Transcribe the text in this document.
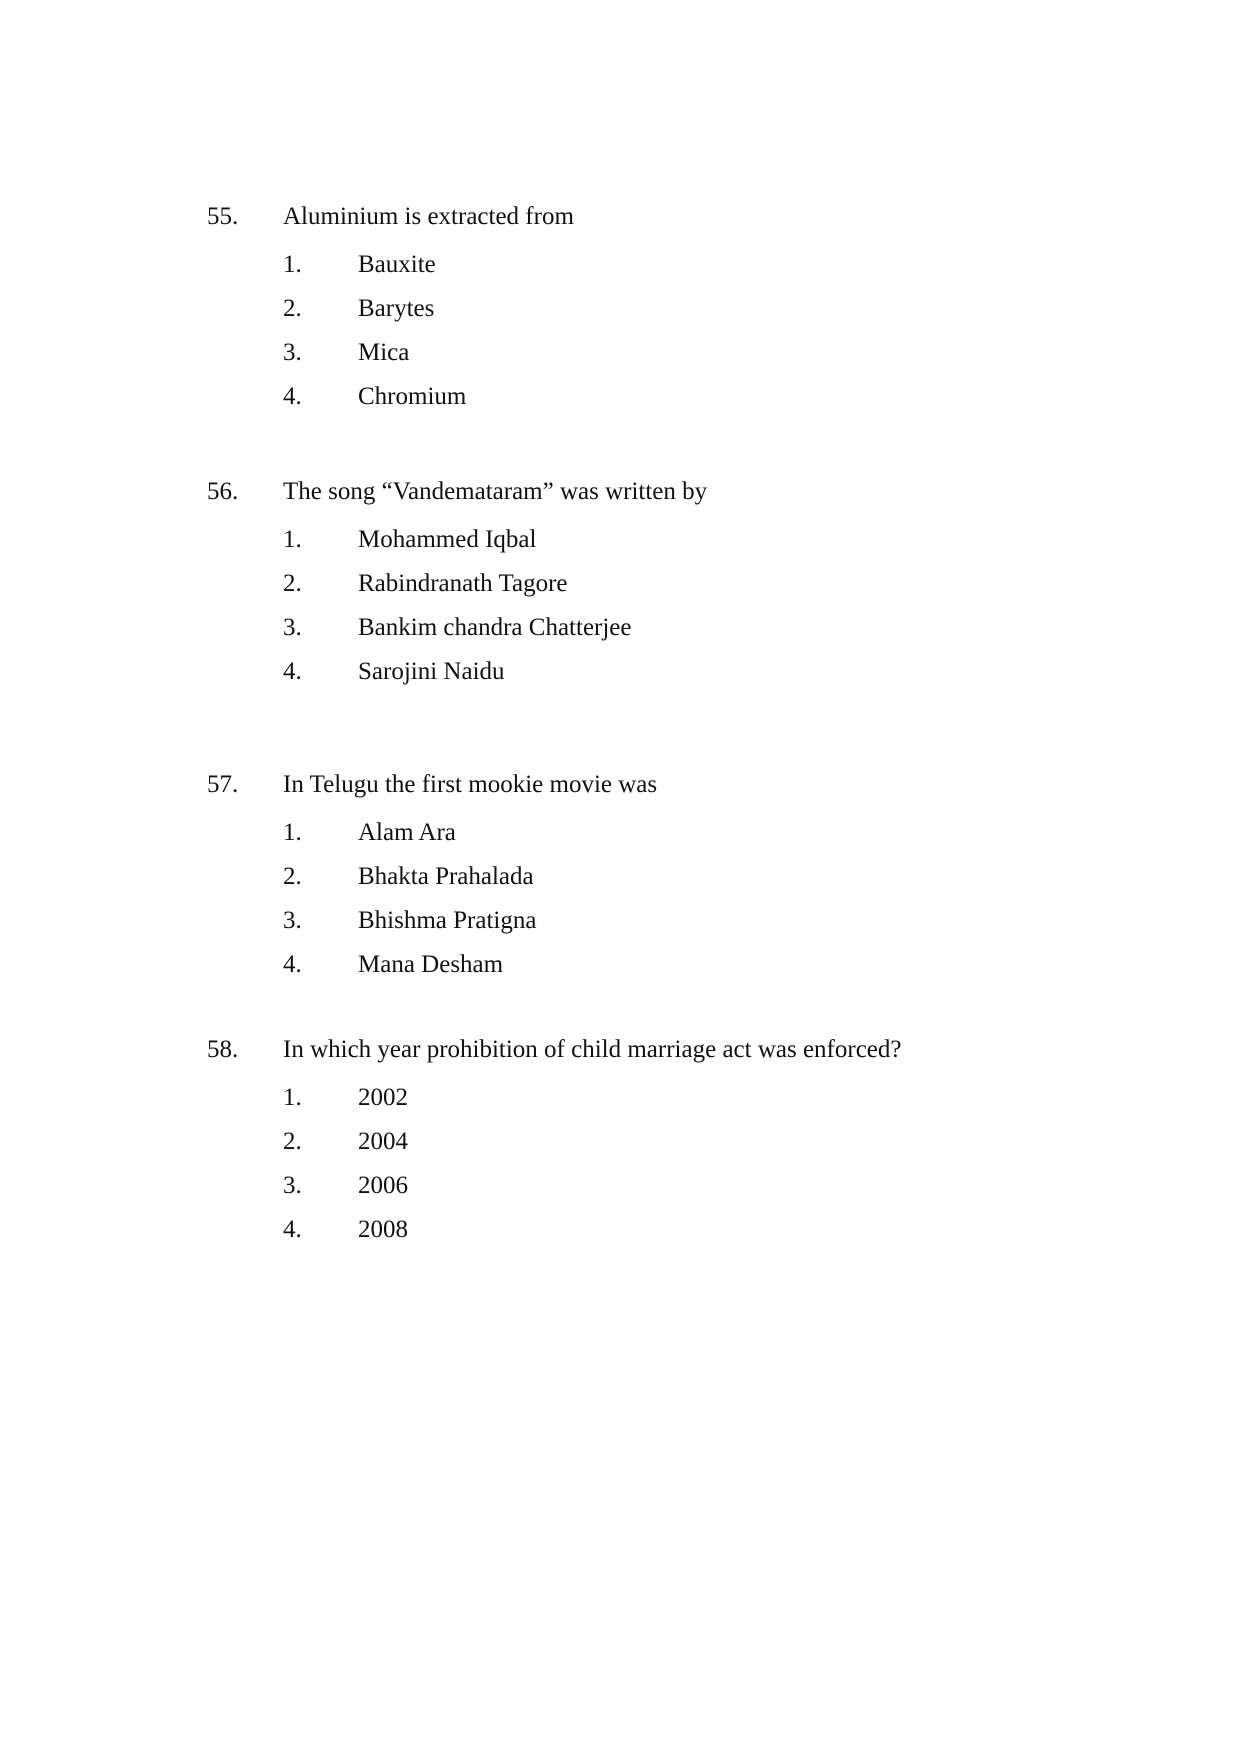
55. Aluminium is extracted from
1. Bauxite
2. Barytes
3. Mica
4. Chromium
56. The song “Vandemataram” was written by
1. Mohammed Iqbal
2. Rabindranath Tagore
3. Bankim chandra Chatterjee
4. Sarojini Naidu
57. In Telugu the first mookie movie was
1. Alam Ara
2. Bhakta Prahalada
3. Bhishma Pratigna
4. Mana Desham
58. In which year prohibition of child marriage act was enforced?
1. 2002
2. 2004
3. 2006
4. 2008
